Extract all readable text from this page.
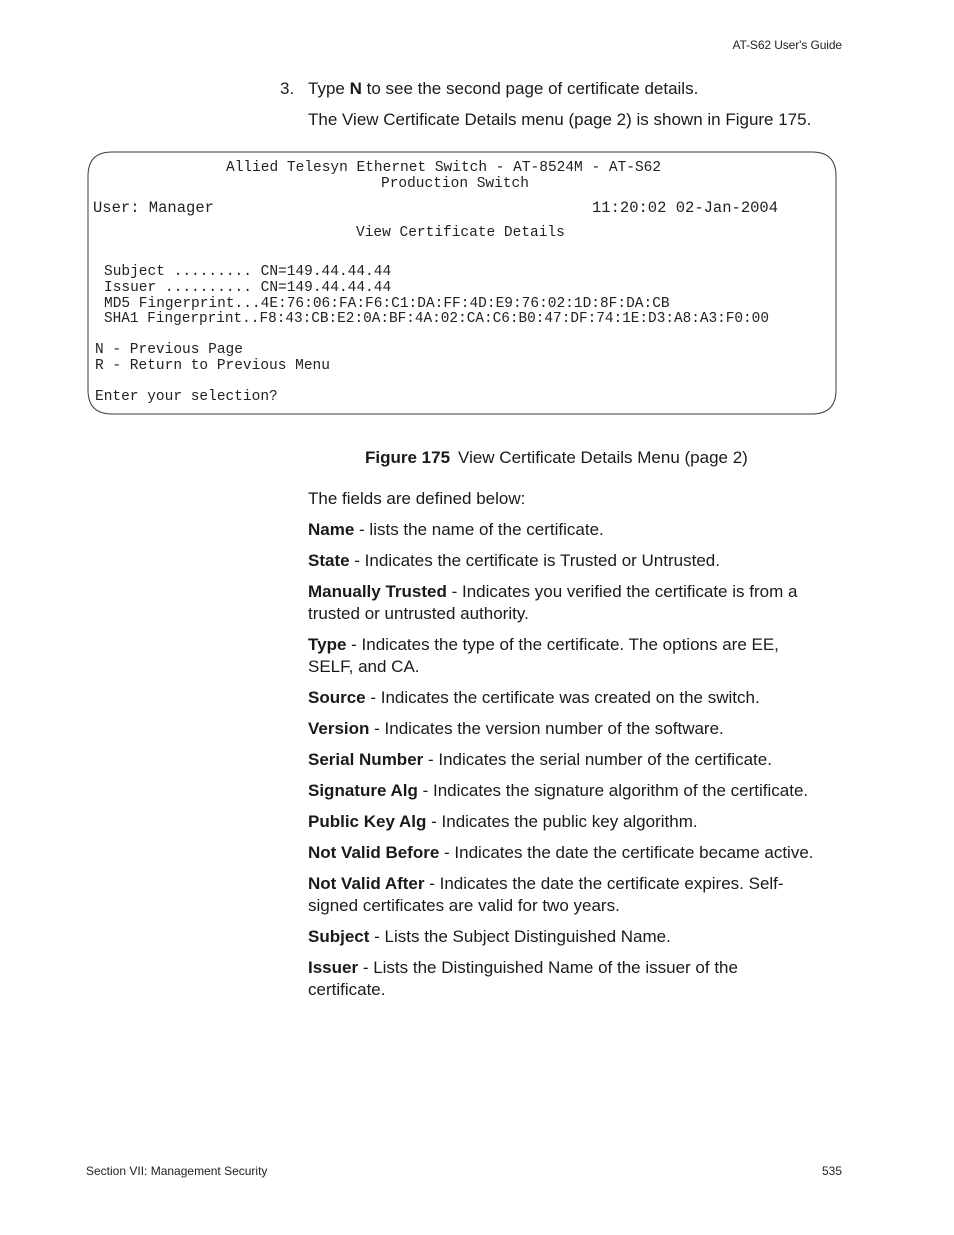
AT-S62 User's Guide
3. Type N to see the second page of certificate details.
The View Certificate Details menu (page 2) is shown in Figure 175.
Allied Telesyn Ethernet Switch - AT-8524M - AT-S62
Production Switch
User: Manager	11:20:02 02-Jan-2004
View Certificate Details
Subject ......... CN=149.44.44.44
Issuer .......... CN=149.44.44.44
MD5 Fingerprint...4E:76:06:FA:F6:C1:DA:FF:4D:E9:76:02:1D:8F:DA:CB
SHA1 Fingerprint..F8:43:CB:E2:0A:BF:4A:02:CA:C6:B0:47:DF:74:1E:D3:A8:A3:F0:00
N - Previous Page
R - Return to Previous Menu
Enter your selection?
Figure 175 View Certificate Details Menu (page 2)

The fields are defined below:

Name - lists the name of the certificate.

State - Indicates the certificate is Trusted or Untrusted.

Manually Trusted - Indicates you verified the certificate is from a trusted or untrusted authority.

Type - Indicates the type of the certificate. The options are EE, SELF, and CA.

Source - Indicates the certificate was created on the switch.

Version - Indicates the version number of the software.

Serial Number - Indicates the serial number of the certificate.

Signature Alg - Indicates the signature algorithm of the certificate.

Public Key Alg - Indicates the public key algorithm.

Not Valid Before - Indicates the date the certificate became active.

Not Valid After - Indicates the date the certificate expires. Self-signed certificates are valid for two years.

Subject - Lists the Subject Distinguished Name.

Issuer - Lists the Distinguished Name of the issuer of the certificate.

Section VII: Management Security	535
